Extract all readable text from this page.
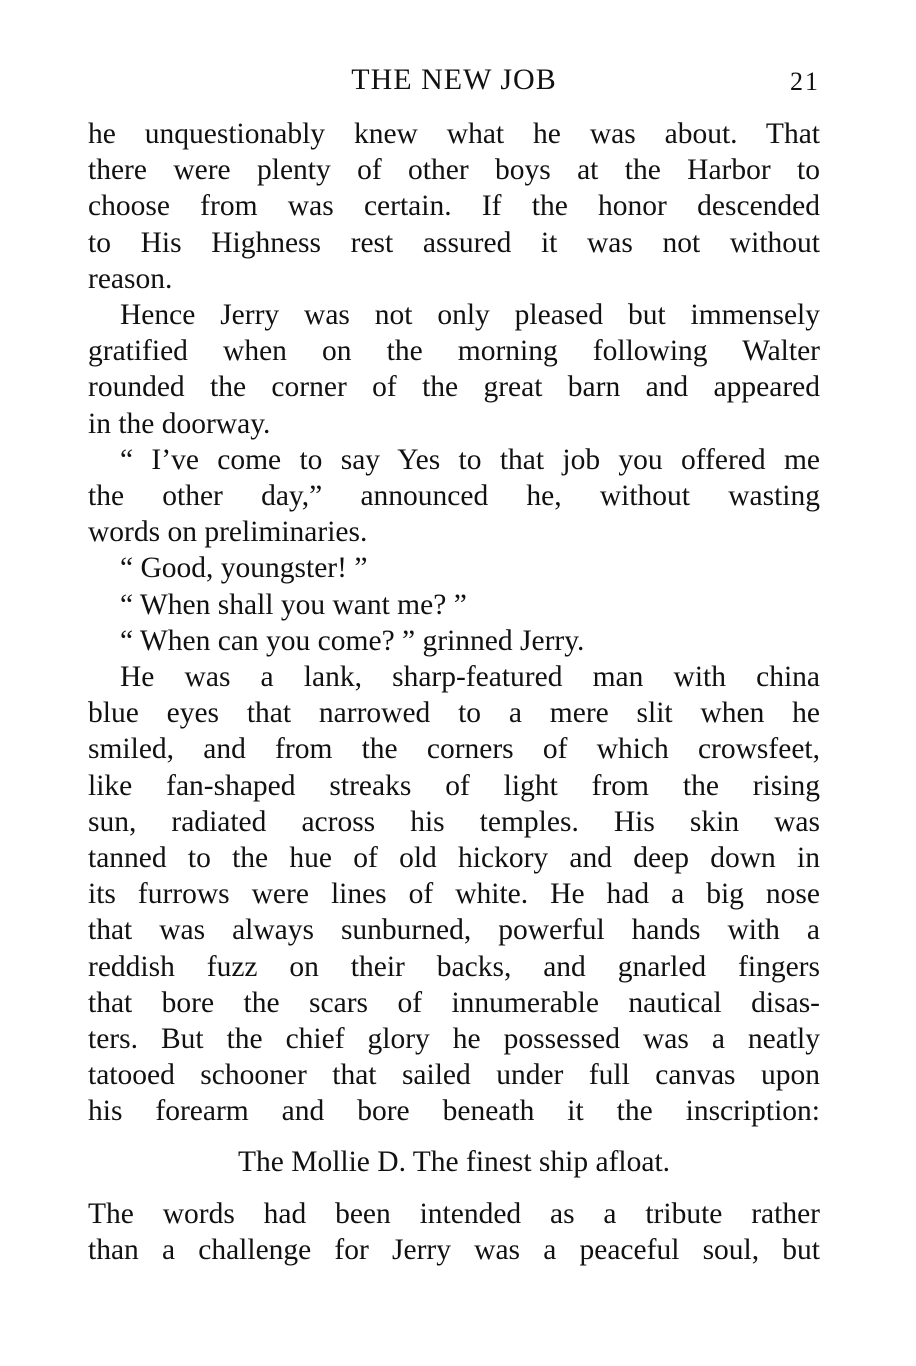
THE NEW JOB	21
he unquestionably knew what he was about. That
there were plenty of other boys at the Harbor to
choose from was certain. If the honor descended
to His Highness rest assured it was not without
reason.
Hence Jerry was not only pleased but immensely
gratified when on the morning following Walter
rounded the corner of the great barn and appeared
in the doorway.
“ I’ve come to say Yes to that job you offered me
the other day,” announced he, without wasting
words on preliminaries.
“ Good, youngster! ”
“ When shall you want me? ”
“ When can you come? ” grinned Jerry.
He was a lank, sharp-featured man with china
blue eyes that narrowed to a mere slit when he
smiled, and from the corners of which crowsfeet,
like fan-shaped streaks of light from the rising
sun, radiated across his temples. His skin was
tanned to the hue of old hickory and deep down in
its furrows were lines of white. He had a big nose
that was always sunburned, powerful hands with a
reddish fuzz on their backs, and gnarled fingers
that bore the scars of innumerable nautical disas-
ters. But the chief glory he possessed was a neatly
tatooed schooner that sailed under full canvas upon
his forearm and bore beneath it the inscription:
The Mollie D. The finest ship afloat.
The words had been intended as a tribute rather
than a challenge for Jerry was a peaceful soul, but
